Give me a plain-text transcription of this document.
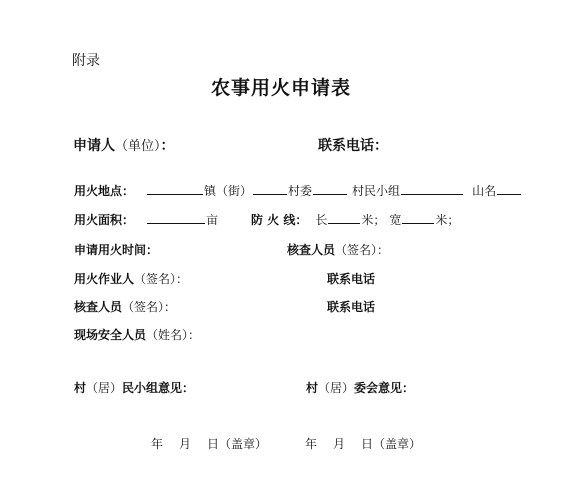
附录
农事用火申请表
申请人（单位）：	联系电话：
用火地点：	镇（街）	村委	村民小组	山名
用火面积：	亩	防 火 线： 长	米； 宽	米；
申请用火时间：	核查人员（签名）：
用火作业人（签名）：	联系电话
核查人员（签名）：	联系电话
现场安全人员（姓名）：
村（居）民小组意见：	村（居）委会意见：
年 月 日（盖章）	年 月 日（盖章）
